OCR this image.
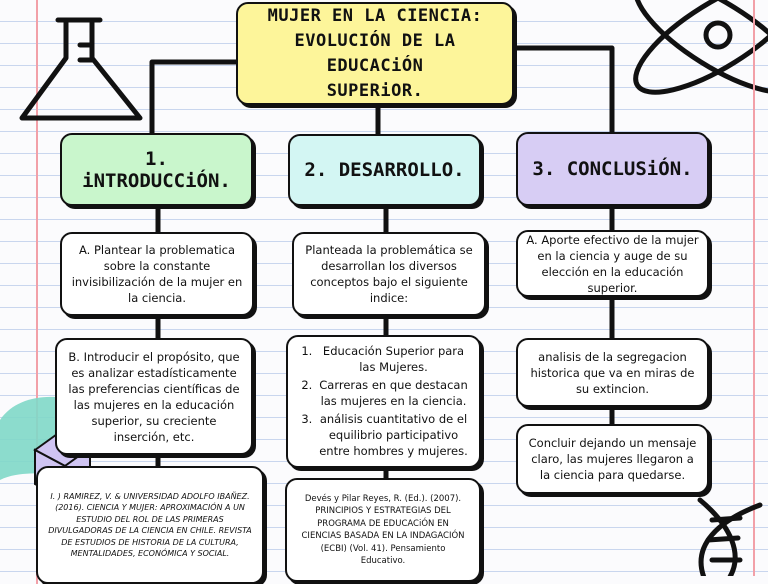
MUJER EN LA CIENCIA:
EVOLUCIÓN DE LA EDUCACiÓN
SUPERiOR.
1. iNTRODUCCiÓN.	2. DESARROLLO.	3. CONCLUSiÓN.
A. Plantear la problematica sobre la constante invisibilización de la mujer en la ciencia.
B. Introducir el propósito, que es analizar estadísticamente las preferencias científicas de las mujeres en la educación superior, su creciente inserción, etc.
I. ) RAMIREZ, V. & UNIVERSIDAD ADOLFO IBAÑEZ. (2016). CIENCIA Y MUJER: APROXIMACIÓN A UN ESTUDIO DEL ROL DE LAS PRIMERAS DIVULGADORAS DE LA CIENCIA EN CHILE. REVISTA DE ESTUDIOS DE HISTORIA DE LA CULTURA, MENTALIDADES, ECONÓMICA Y SOCIAL.
Planteada la problemática se desarrollan los diversos conceptos bajo el siguiente indice:
1. Educación Superior para las Mujeres.
2. Carreras en que destacan las mujeres en la ciencia.
3. análisis cuantitativo de el equilibrio participativo entre hombres y mujeres.
Devés y Pilar Reyes, R. (Ed.). (2007). PRINCIPIOS Y ESTRATEGIAS DEL PROGRAMA DE EDUCACiÓN EN CIENCIAS BASADA EN LA INDAGACIÓN (ECBI) (Vol. 41). Pensamiento Educativo.
A. Aporte efectivo de la mujer en la ciencia y auge de su elección en la educación superior.
analisis de la segregacion historica que va en miras de su extincion.
Concluir dejando un mensaje claro, las mujeres llegaron a la ciencia para quedarse.
